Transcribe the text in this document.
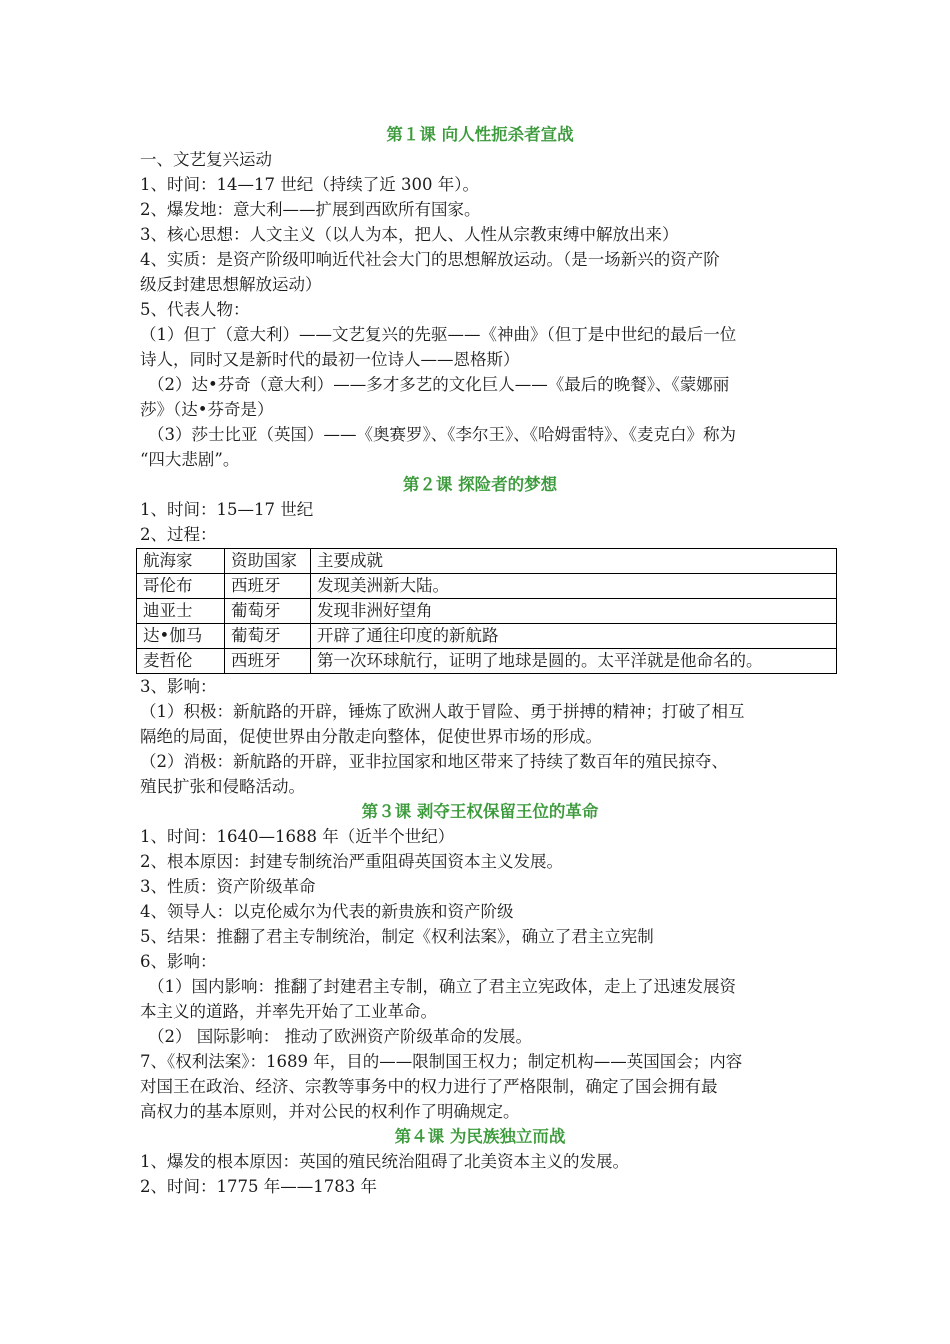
第１课 向人性扼杀者宣战
一、文艺复兴运动
1、时间：14—17 世纪（持续了近 300 年）。
2、爆发地：意大利——扩展到西欧所有国家。
3、核心思想：人文主义（以人为本，把人、人性从宗教束缚中解放出来）
4、实质：是资产阶级叩响近代社会大门的思想解放运动。（是一场新兴的资产阶
级反封建思想解放运动）
5、代表人物：
（1）但丁（意大利）——文艺复兴的先驱——《神曲》（但丁是中世纪的最后一位
诗人，同时又是新时代的最初一位诗人——恩格斯）
（2）达•芬奇（意大利）——多才多艺的文化巨人——《最后的晚餐》、《蒙娜丽
莎》（达•芬奇是）
（3）莎士比亚（英国）——《奥赛罗》、《李尔王》、《哈姆雷特》、《麦克白》称为
“四大悲剧”。
第２课 探险者的梦想
1、时间：15—17 世纪
2、过程：
航海家	资助国家	主要成就
哥伦布	西班牙	发现美洲新大陆。
迪亚士	葡萄牙	发现非洲好望角
达•伽马	葡萄牙	开辟了通往印度的新航路
麦哲伦	西班牙	第一次环球航行，证明了地球是圆的。太平洋就是他命名的。
3、影响：
（1）积极：新航路的开辟，锤炼了欧洲人敢于冒险、勇于拼搏的精神；打破了相互
隔绝的局面，促使世界由分散走向整体，促使世界市场的形成。
（2）消极：新航路的开辟，亚非拉国家和地区带来了持续了数百年的殖民掠夺、
殖民扩张和侵略活动。
第３课 剥夺王权保留王位的革命
1、时间：1640—1688 年（近半个世纪）
2、根本原因：封建专制统治严重阻碍英国资本主义发展。
3、性质：资产阶级革命
4、领导人：以克伦威尔为代表的新贵族和资产阶级
5、结果：推翻了君主专制统治，制定《权利法案》，确立了君主立宪制
6、影响：
（1）国内影响：推翻了封建君主专制，确立了君主立宪政体，走上了迅速发展资
本主义的道路，并率先开始了工业革命。
（2） 国际影响： 推动了欧洲资产阶级革命的发展。
7、《权利法案》：1689 年，目的——限制国王权力；制定机构——英国国会；内容
对国王在政治、经济、宗教等事务中的权力进行了严格限制，确定了国会拥有最
高权力的基本原则，并对公民的权利作了明确规定。
第４课 为民族独立而战
1、爆发的根本原因：英国的殖民统治阻碍了北美资本主义的发展。
2、时间：1775 年——1783 年
